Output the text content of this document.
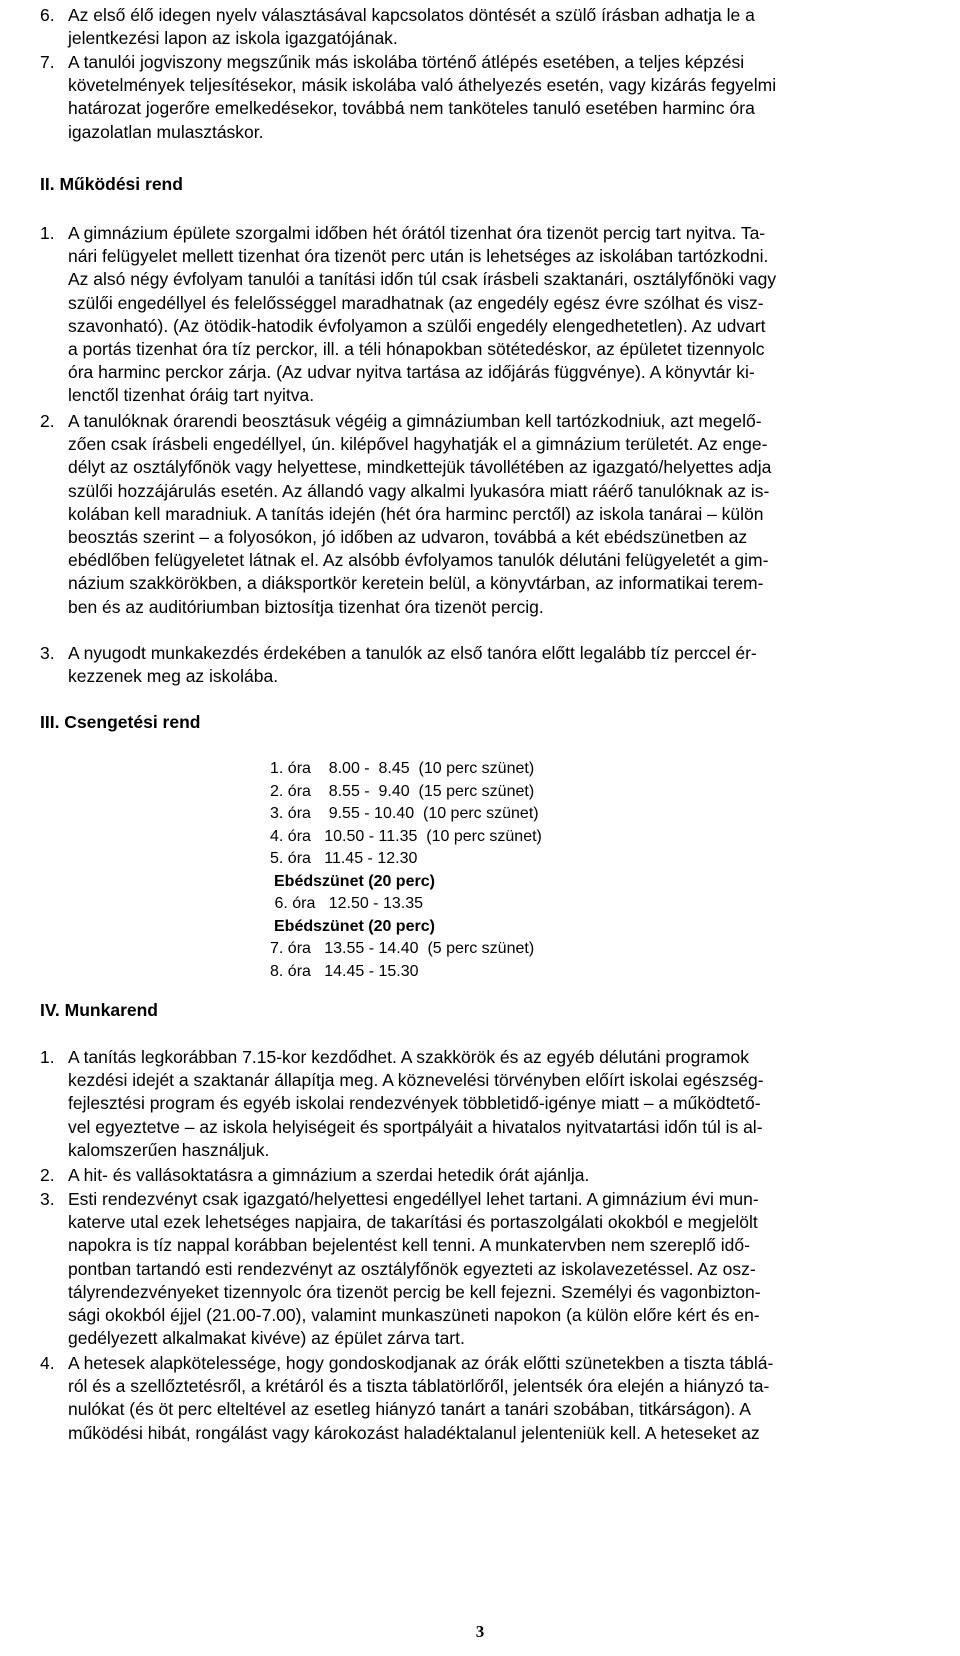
6. Az első élő idegen nyelv választásával kapcsolatos döntését a szülő írásban adhatja le a
jelentkezési lapon az iskola igazgatójának.
7. A tanulói jogviszony megszűnik más iskolába történő átlépés esetében, a teljes képzési
követelmények teljesítésekor, másik iskolába való áthelyezés esetén, vagy kizárás fegyelmi
határozat jogerőre emelkedésekor, továbbá nem tanköteles tanuló esetében harminc óra
igazolatlan mulasztáskor.
II. Működési rend
1. A gimnázium épülete szorgalmi időben hét órától tizenhat óra tizenöt percig tart nyitva. Ta-
nári felügyelet mellett tizenhat óra tizenöt perc után is lehetséges az iskolában tartózkodni.
Az alsó négy évfolyam tanulói a tanítási időn túl csak írásbeli szaktanári, osztályfőnöki vagy
szülői engedéllyel és felelősséggel maradhatnak (az engedély egész évre szólhat és visz-
szavonható). (Az ötödik-hatodik évfolyamon a szülői engedély elengedhetetlen). Az udvart
a portás tizenhat óra tíz perckor, ill. a téli hónapokban sötétedéskor, az épületet tizennyolc
óra harminc perckor zárja. (Az udvar nyitva tartása az időjárás függvénye). A könyvtár ki-
lenctől tizenhat óráig tart nyitva.
2. A tanulóknak órarendi beosztásuk végéig a gimnáziumban kell tartózkodniuk, azt megelő-
zően csak írásbeli engedéllyel, ún. kilépővel hagyhatják el a gimnázium területét. Az enge-
délyt az osztályfőnök vagy helyettese, mindkettejük távollétében az igazgató/helyettes adja
szülői hozzájárulás esetén. Az állandó vagy alkalmi lyukasóra miatt ráérő tanulóknak az is-
kolában kell maradniuk. A tanítás idején (hét óra harminc perctől) az iskola tanárai – külön
beosztás szerint – a folyosókon, jó időben az udvaron, továbbá a két ebédszünetben az
ebédlőben felügyeletet látnak el. Az alsóbb évfolyamos tanulók délutáni felügyeletét a gim-
názium szakkörökben, a diáksportkör keretein belül, a könyvtárban, az informatikai terem-
ben és az auditóriumban biztosítja tizenhat óra tizenöt percig.
3. A nyugodt munkakezdés érdekében a tanulók az első tanóra előtt legalább tíz perccel ér-
kezzenek meg az iskolába.
III. Csengetési rend
1. óra    8.00 -  8.45  (10 perc szünet)
2. óra    8.55 -  9.40  (15 perc szünet)
3. óra    9.55 - 10.40  (10 perc szünet)
4. óra   10.50 - 11.35  (10 perc szünet)
5. óra   11.45 - 12.30
Ebédszünet (20 perc)
6. óra   12.50 - 13.35
Ebédszünet (20 perc)
7. óra   13.55 - 14.40  (5 perc szünet)
8. óra   14.45 - 15.30
IV. Munkarend
1. A tanítás legkorábban 7.15-kor kezdődhet. A szakkörök és az egyéb délutáni programok
kezdési idejét a szaktanár állapítja meg. A köznevelési törvényben előírt iskolai egészség-
fejlesztési program és egyéb iskolai rendezvények többletidő-igénye miatt – a működtető-
vel egyeztetve – az iskola helyiségeit és sportpályáit a hivatalos nyitvatartási időn túl is al-
kalomszerűen használjuk.
2. A hit- és vallásoktatásra a gimnázium a szerdai hetedik órát ajánlja.
3. Esti rendezvényt csak igazgató/helyettesi engedéllyel lehet tartani. A gimnázium évi mun-
katerve utal ezek lehetséges napjaira, de takarítási és portaszolgálati okokból e megjelölt
napokra is tíz nappal korábban bejelentést kell tenni. A munkatervben nem szereplő idő-
pontban tartandó esti rendezvényt az osztályfőnök egyezteti az iskolavezetéssel. Az osz-
tályrendezvényeket tizennyolc óra tizenöt percig be kell fejezni. Személyi és vagonbizton-
sági okokból éjjel (21.00-7.00), valamint munkaszüneti napokon (a külön előre kért és en-
gedélyezett alkalmakat kivéve) az épület zárva tart.
4. A hetesek alapkötelessége, hogy gondoskodjanak az órák előtti szünetekben a tiszta táblá-
ról és a szellőztetésről, a krétáról és a tiszta táblatörlőről, jelentsék óra elején a hiányzó ta-
nulókat (és öt perc elteltével az esetleg hiányzó tanárt a tanári szobában, titkárságon). A
működési hibát, rongálást vagy károkozást haladéktalanul jelenteniük kell. A heteseket az
3
